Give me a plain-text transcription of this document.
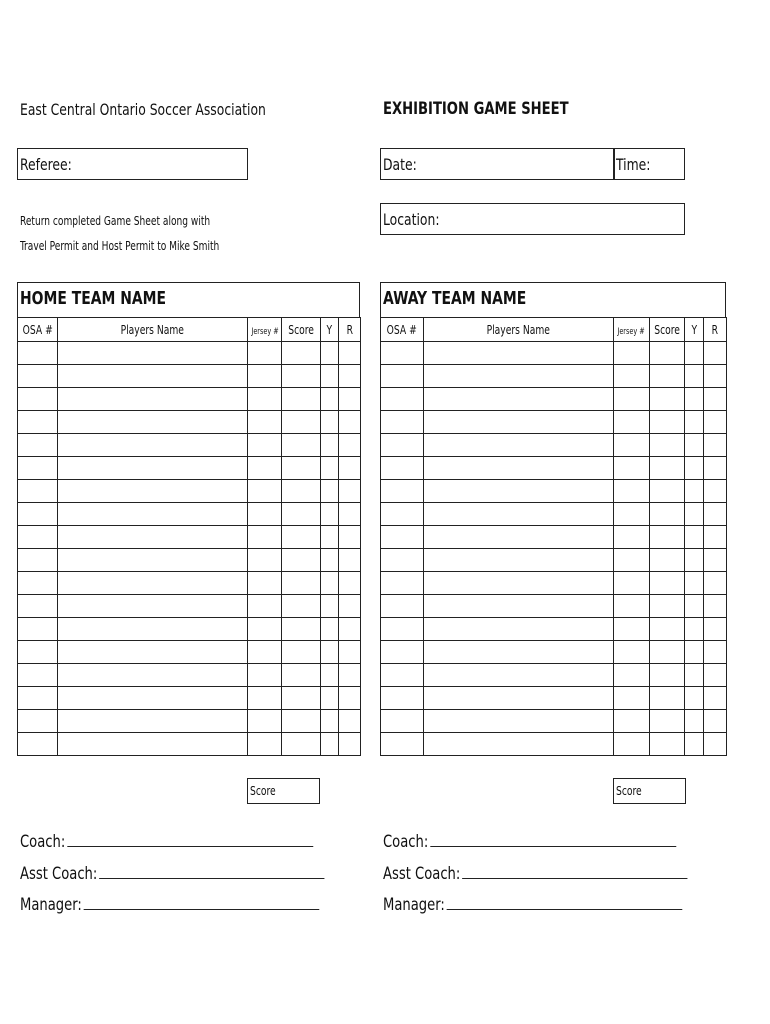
East Central Ontario Soccer Association	EXHIBITION GAME SHEET
Referee:	Date:	Time:
Location:
Return completed Game Sheet along with
Travel Permit and Host Permit to Mike Smith
HOME TEAM NAME
OSA #	Players Name	Jersey #	Score	Y	R

Score
AWAY TEAM NAME
OSA #	Players Name	Jersey #	Score	Y	R

Score
Coach:
Asst Coach:
Manager:
Coach:
Asst Coach:
Manager:
